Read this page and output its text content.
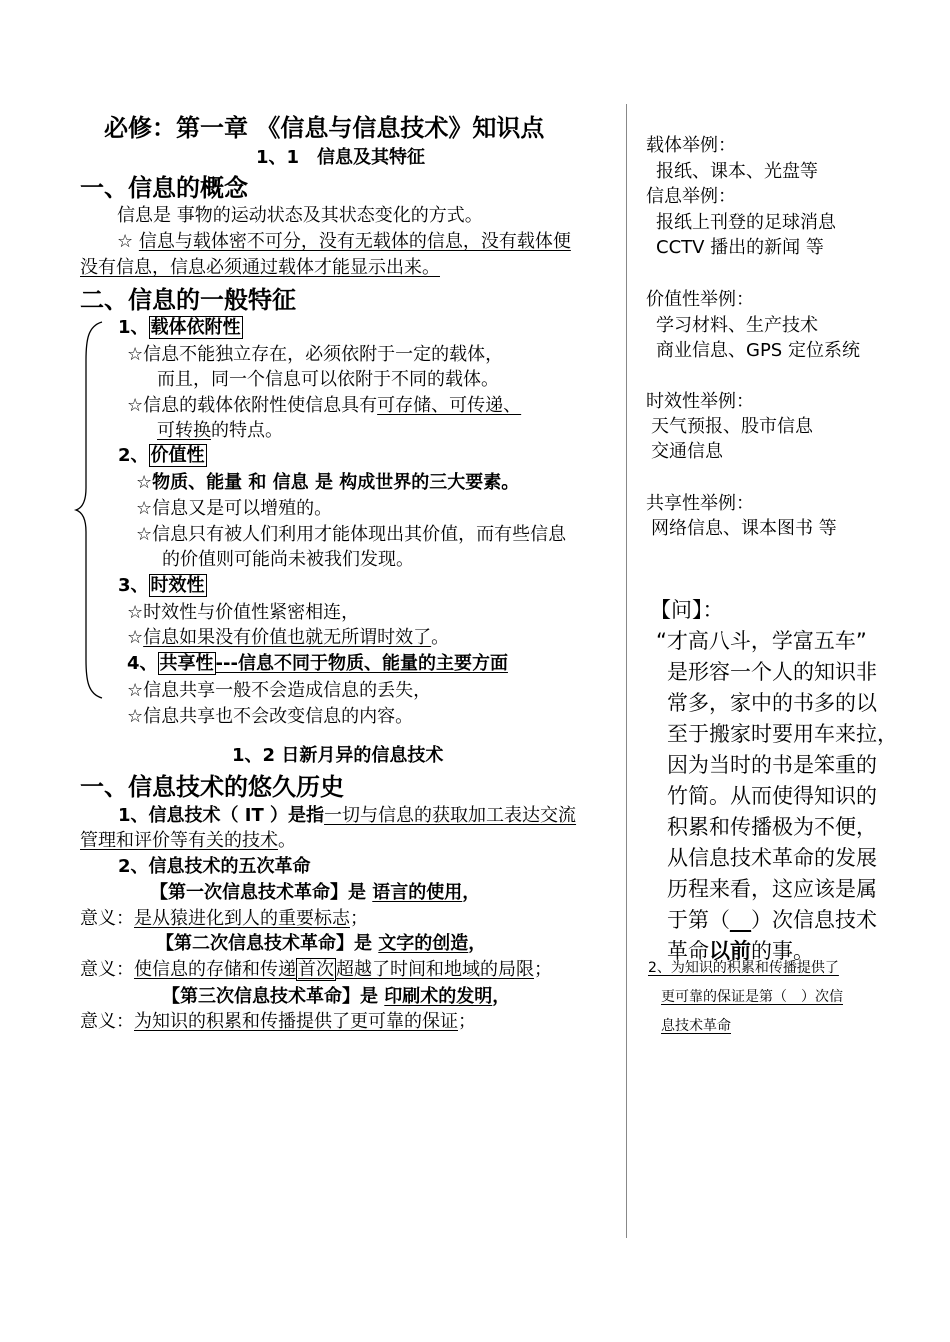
必修：第一章 《信息与信息技术》知识点
1、1　信息及其特征
一、信息的概念
信息是 事物的运动状态及其状态变化的方式。
☆ 信息与载体密不可分，没有无载体的信息，没有载体便
没有信息，信息必须通过载体才能显示出来。
二、信息的一般特征
1、 载体依附性
☆信息不能独立存在，必须依附于一定的载体，
而且，同一个信息可以依附于不同的载体。
☆信息的载体依附性使信息具有可存储、可传递、
可转换的特点。
2、 价值性
☆物质、能量 和 信息 是 构成世界的三大要素。
☆信息又是可以增殖的。
☆信息只有被人们利用才能体现出其价值，而有些信息
的价值则可能尚未被我们发现。
3、 时效性
☆时效性与价值性紧密相连，
☆信息如果没有价值也就无所谓时效了。
4、 共享性 ---信息不同于物质、能量的主要方面
☆信息共享一般不会造成信息的丢失，
☆信息共享也不会改变信息的内容。
1、2 日新月异的信息技术
一、信息技术的悠久历史
1、信息技术（ IT ）是指一切与信息的获取加工表达交流
管理和评价等有关的技术。
2、信息技术的五次革命
【第一次信息技术革命】是 语言的使用，
意义：是从猿进化到人的重要标志；
【第二次信息技术革命】是 文字的创造，
意义：使信息的存储和传递 首次 超越了时间和地域的局限；
【第三次信息技术革命】是 印刷术的发明，
意义：为知识的积累和传播提供了更可靠的保证；
载体举例：
报纸、课本、光盘等
信息举例：
报纸上刊登的足球消息
CCTV 播出的新闻 等
价值性举例：
学习材料、生产技术
商业信息、GPS 定位系统
时效性举例：
天气预报、股市信息
交通信息
共享性举例：
网络信息、课本图书 等
【问】：
“才高八斗，学富五车”
是形容一个人的知识非
常多，家中的书多的以
至于搬家时要用车来拉，
因为当时的书是笨重的
竹简。从而使得知识的
积累和传播极为不便，
从信息技术革命的发展
历程来看，这应该是属
于第（__）次信息技术
革命以前的事。
2、为知识的积累和传播提供了
更可靠的保证是第（　）次信
息技术革命
